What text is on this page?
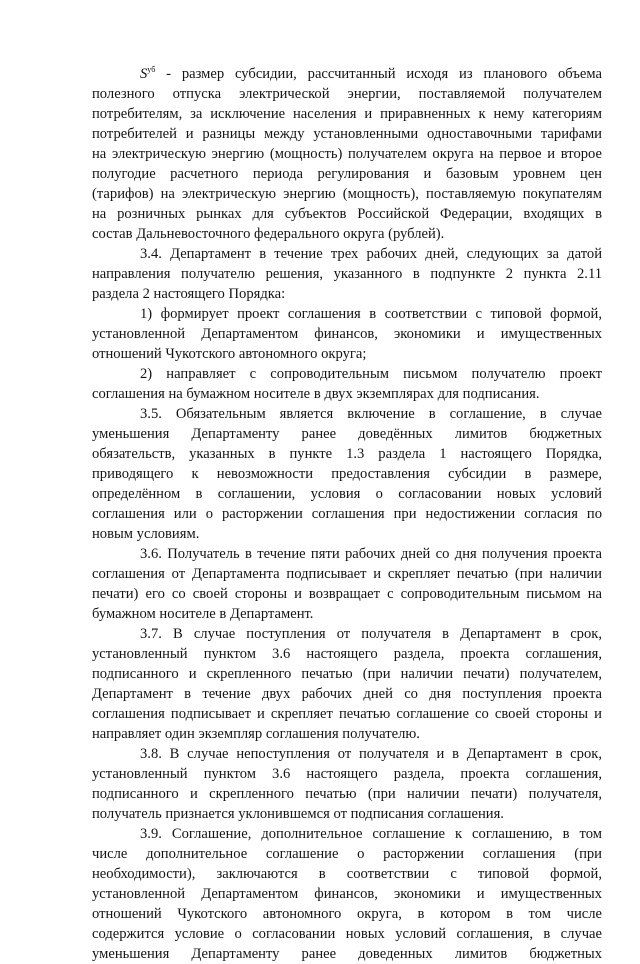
$S^{уб}$ - размер субсидии, рассчитанный исходя из планового объема

полезного отпуска электрической энергии, поставляемой получателем

потребителям, за исключение населения и приравненных к нему категориям

потребителей и разницы между установленными одноставочными тарифами

на электрическую энергию (мощность) получателем округа на первое и второе

полугодие расчетного периода регулирования и базовым уровнем цен

(тарифов) на электрическую энергию (мощность), поставляемую покупателям

на розничных рынках для субъектов Российской Федерации, входящих в

состав Дальневосточного федерального округа (рублей).

3.4. Департамент в течение трех рабочих дней, следующих за датой

направления получателю решения, указанного в подпункте 2 пункта 2.11

раздела 2 настоящего Порядка:

1) формирует проект соглашения в соответствии с типовой формой,

установленной Департаментом финансов, экономики и имущественных

отношений Чукотского автономного округа;

2) направляет с сопроводительным письмом получателю проект

соглашения на бумажном носителе в двух экземплярах для подписания.

3.5. Обязательным является включение в соглашение, в случае

уменьшения Департаменту ранее доведённых лимитов бюджетных

обязательств, указанных в пункте 1.3 раздела 1 настоящего Порядка,

приводящего к невозможности предоставления субсидии в размере,

определённом в соглашении, условия о согласовании новых условий

соглашения или о расторжении соглашения при недостижении согласия по

новым условиям.

3.6. Получатель в течение пяти рабочих дней со дня получения проекта

соглашения от Департамента подписывает и скрепляет печатью (при наличии

печати) его со своей стороны и возвращает с сопроводительным письмом на

бумажном носителе в Департамент.

3.7. В случае поступления от получателя в Департамент в срок,

установленный пунктом 3.6 настоящего раздела, проекта соглашения,

подписанного и скрепленного печатью (при наличии печати) получателем,

Департамент в течение двух рабочих дней со дня поступления проекта

соглашения подписывает и скрепляет печатью соглашение со своей стороны и

направляет один экземпляр соглашения получателю.

3.8. В случае непоступления от получателя и в Департамент в срок,

установленный пунктом 3.6 настоящего раздела, проекта соглашения,

подписанного и скрепленного печатью (при наличии печати) получателя,

получатель признается уклонившемся от подписания соглашения.

3.9. Соглашение, дополнительное соглашение к соглашению, в том

числе дополнительное соглашение о расторжении соглашения (при

необходимости), заключаются в соответствии с типовой формой,

установленной Департаментом финансов, экономики и имущественных

отношений Чукотского автономного округа, в котором в том числе

содержится условие о согласовании новых условий соглашения, в случае

уменьшения Департаменту ранее доведенных лимитов бюджетных
